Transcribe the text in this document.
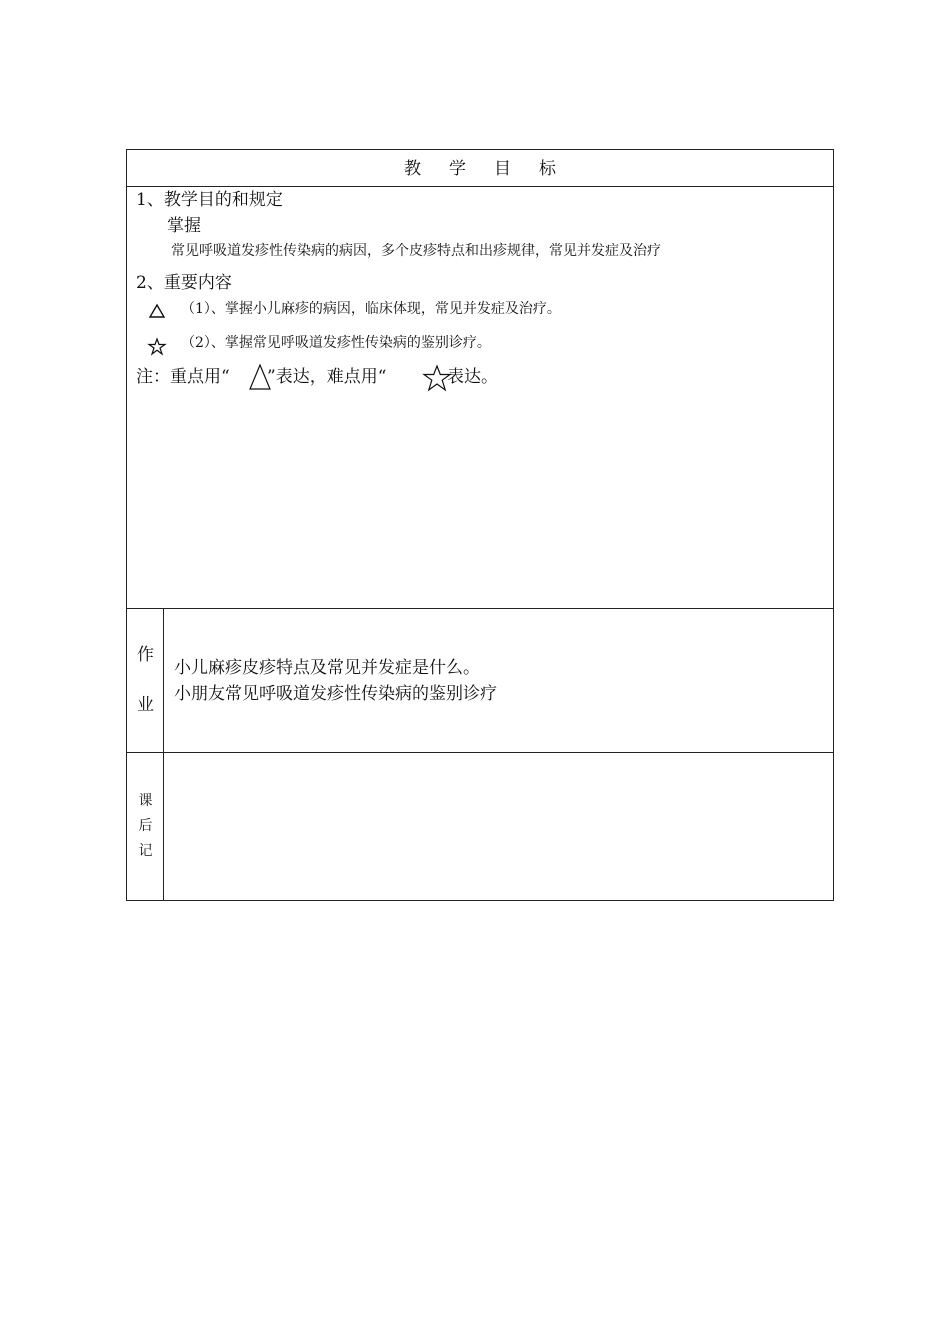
教 学 目 标
1、教学目的和规定
掌握
常见呼吸道发疹性传染病的病因，多个皮疹特点和出疹规律，常见并发症及治疗
2、重要内容
（1）、掌握小儿麻疹的病因，临床体现，常见并发症及治疗。
（2）、掌握常见呼吸道发疹性传染病的鉴别诊疗。
注：重点用“ ”表达，难点用“	表达。
作
业
小儿麻疹皮疹特点及常见并发症是什么。
小朋友常见呼吸道发疹性传染病的鉴别诊疗
课
后
记
